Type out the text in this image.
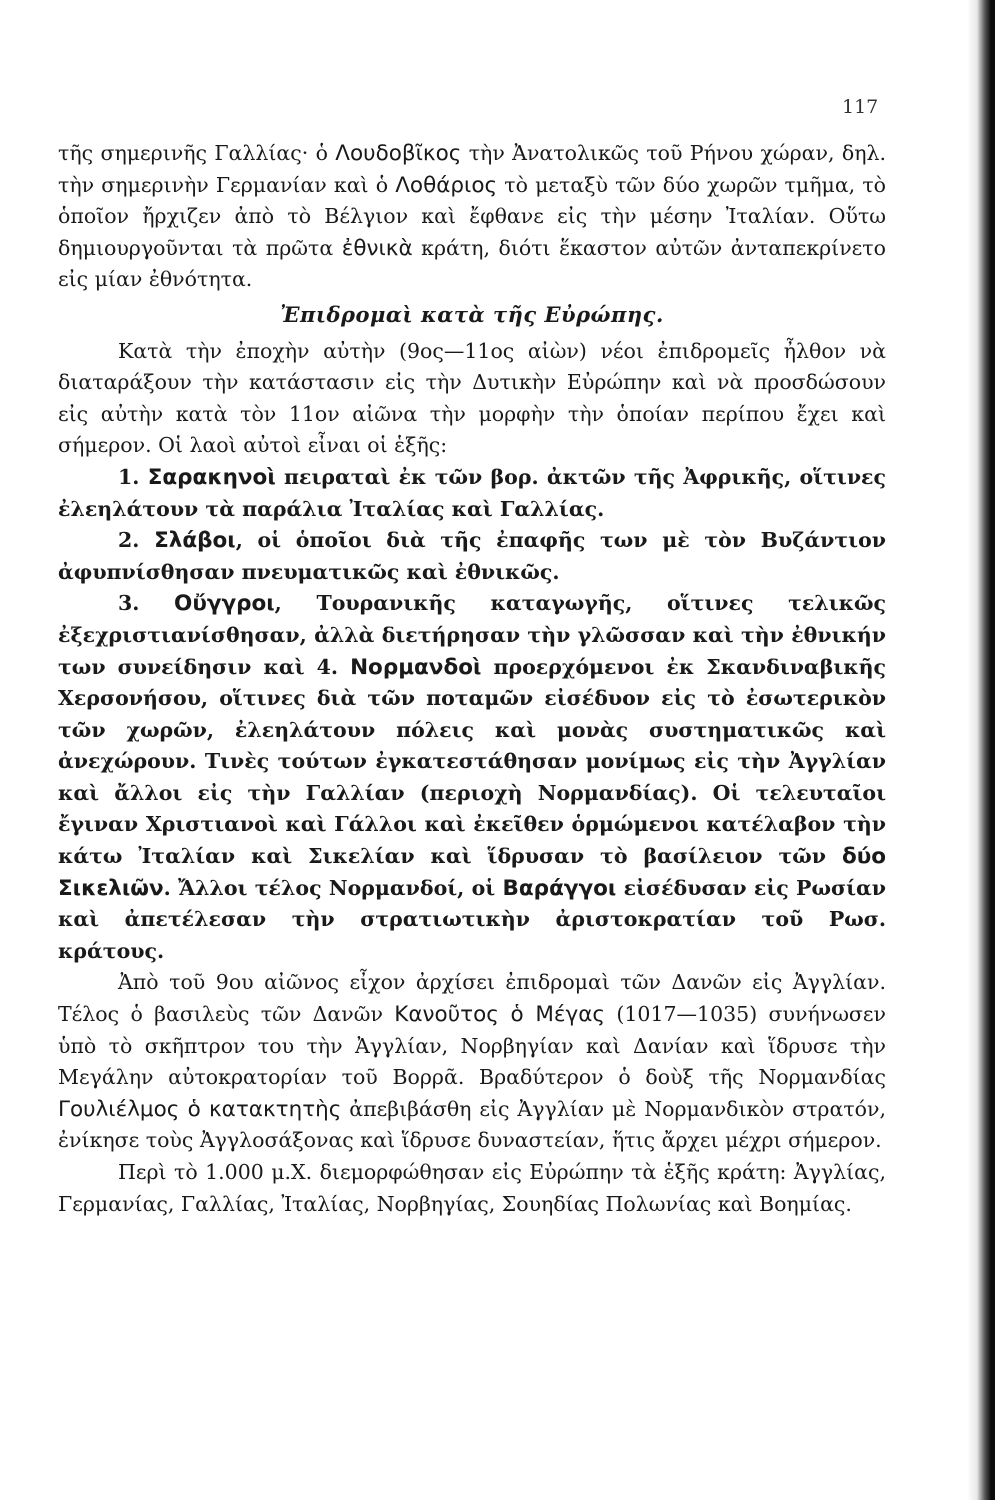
117

τῆς σημερινῆς Γαλλίας· ὁ Λουδοβῖκος τὴν Ἀνατολικῶς τοῦ Ρήνου χώραν, δηλ. τὴν σημερινὴν Γερμανίαν καὶ ὁ Λοθάριος τὸ μεταξὺ τῶν δύο χωρῶν τμῆμα, τὸ ὁποῖον ἤρχιζεν ἀπὸ τὸ Βέλγιον καὶ ἔφθανε εἰς τὴν μέσην Ἰταλίαν. Οὕτω δημιουργοῦνται τὰ πρῶτα ἐθνικὰ κράτη, διότι ἕκαστον αὐτῶν ἀνταπεκρίνετο εἰς μίαν ἐθνότητα.

Ἐπιδρομαὶ κατὰ τῆς Εὐρώπης.

Κατὰ τὴν ἐποχὴν αὐτὴν (9ος—11ος αἰὼν) νέοι ἐπιδρομεῖς ἦλθον νὰ διαταράξουν τὴν κατάστασιν εἰς τὴν Δυτικὴν Εὐρώπην καὶ νὰ προσδώσουν εἰς αὐτὴν κατὰ τὸν 11ον αἰῶνα τὴν μορφὴν τὴν ὁποίαν περίπου ἔχει καὶ σήμερον. Οἱ λαοὶ αὐτοὶ εἶναι οἱ ἑξῆς:

1. Σαρακηνοὶ πειραταὶ ἐκ τῶν βορ. ἀκτῶν τῆς Ἀφρικῆς, οἵτινες ἐλεηλάτουν τὰ παράλια Ἰταλίας καὶ Γαλλίας.

2. Σλάβοι, οἱ ὁποῖοι διὰ τῆς ἐπαφῆς των μὲ τὸν Βυζάντιον ἀφυπνίσθησαν πνευματικῶς καὶ ἐθνικῶς.

3. Οὔγγροι, Τουρανικῆς καταγωγῆς, οἵτινες τελικῶς ἐξεχριστιανίσθησαν, ἀλλὰ διετήρησαν τὴν γλῶσσαν καὶ τὴν ἐθνικήν των συνείδησιν καὶ 4. Νορμανδοὶ προερχόμενοι ἐκ Σκανδιναβικῆς Χερσονήσου, οἵτινες διὰ τῶν ποταμῶν εἰσέδυον εἰς τὸ ἐσωτερικὸν τῶν χωρῶν, ἐλεηλάτουν πόλεις καὶ μονὰς συστηματικῶς καὶ ἀνεχώρουν. Τινὲς τούτων ἐγκατεστάθησαν μονίμως εἰς τὴν Ἀγγλίαν καὶ ἄλλοι εἰς τὴν Γαλλίαν (περιοχὴ Νορμανδίας). Οἱ τελευταῖοι ἔγιναν Χριστιανοὶ καὶ Γάλλοι καὶ ἐκεῖθεν ὁρμώμενοι κατέλαβον τὴν κάτω Ἰταλίαν καὶ Σικελίαν καὶ ἵδρυσαν τὸ βασίλειον τῶν δύο Σικελιῶν. Ἄλλοι τέλος Νορμανδοί, οἱ Βαράγγοι εἰσέδυσαν εἰς Ρωσίαν καὶ ἀπετέλεσαν τὴν στρατιωτικὴν ἀριστοκρατίαν τοῦ Ρωσ. κράτους.

Ἀπὸ τοῦ 9ου αἰῶνος εἶχον ἀρχίσει ἐπιδρομαὶ τῶν Δανῶν εἰς Ἀγγλίαν. Τέλος ὁ βασιλεὺς τῶν Δανῶν Κανοῦτος ὁ Μέγας (1017—1035) συνήνωσεν ὑπὸ τὸ σκῆπτρον του τὴν Ἀγγλίαν, Νορβηγίαν καὶ Δανίαν καὶ ἵδρυσε τὴν Μεγάλην αὐτοκρατορίαν τοῦ Βορρᾶ. Βραδύτερον ὁ δοὺξ τῆς Νορμανδίας Γουλιέλμος ὁ κατακτητὴς ἀπεβιβάσθη εἰς Ἀγγλίαν μὲ Νορμανδικὸν στρατόν, ἐνίκησε τοὺς Ἀγγλοσάξονας καὶ ἵδρυσε δυναστείαν, ἥτις ἄρχει μέχρι σήμερον.

Περὶ τὸ 1.000 μ.Χ. διεμορφώθησαν εἰς Εὐρώπην τὰ ἑξῆς κράτη: Ἀγγλίας, Γερμανίας, Γαλλίας, Ἰταλίας, Νορβηγίας, Σουηδίας Πολωνίας καὶ Βοημίας.
